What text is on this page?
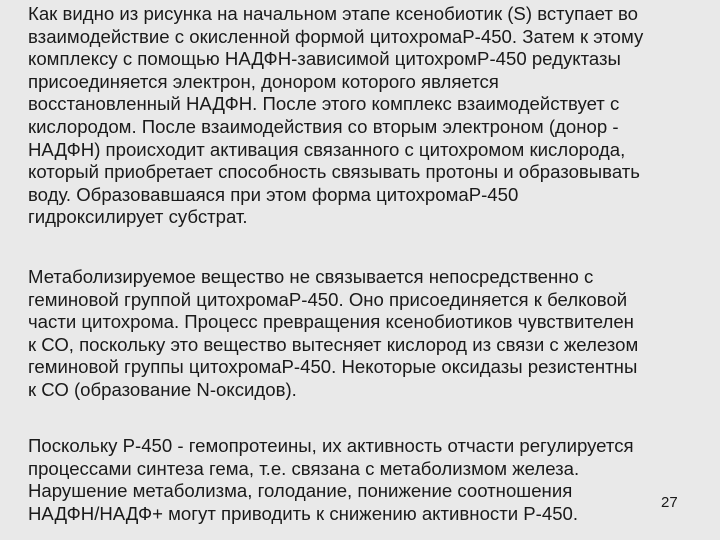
Как видно из рисунка на начальном этапе ксенобиотик (S) вступает во
взаимодействие с окисленной формой цитохромаР-450. Затем к этому
комплексу с помощью НАДФН-зависимой цитохромР-450 редуктазы
присоединяется электрон, донором которого является
восстановленный НАДФН. После этого комплекс взаимодействует с
кислородом. После взаимодействия со вторым электроном (донор -
НАДФН) происходит активация связанного с цитохромом кислорода,
который приобретает способность связывать протоны и образовывать
воду. Образовавшаяся при этом форма цитохромаР-450
гидроксилирует субстрат.

Метаболизируемое вещество не связывается непосредственно с
геминовой группой цитохромаР-450. Оно присоединяется к белковой
части цитохрома. Процесс превращения ксенобиотиков чувствителен
к СО, поскольку это вещество вытесняет кислород из связи с железом
геминовой группы цитохромаР-450. Некоторые оксидазы резистентны
к СО (образование N-оксидов).

Поскольку Р-450 - гемопротеины, их активность отчасти регулируется
процессами синтеза гема, т.е. связана с метаболизмом железа.
Нарушение метаболизма, голодание, понижение соотношения
НАДФН/НАДФ+ могут приводить к снижению активности Р-450.

27
